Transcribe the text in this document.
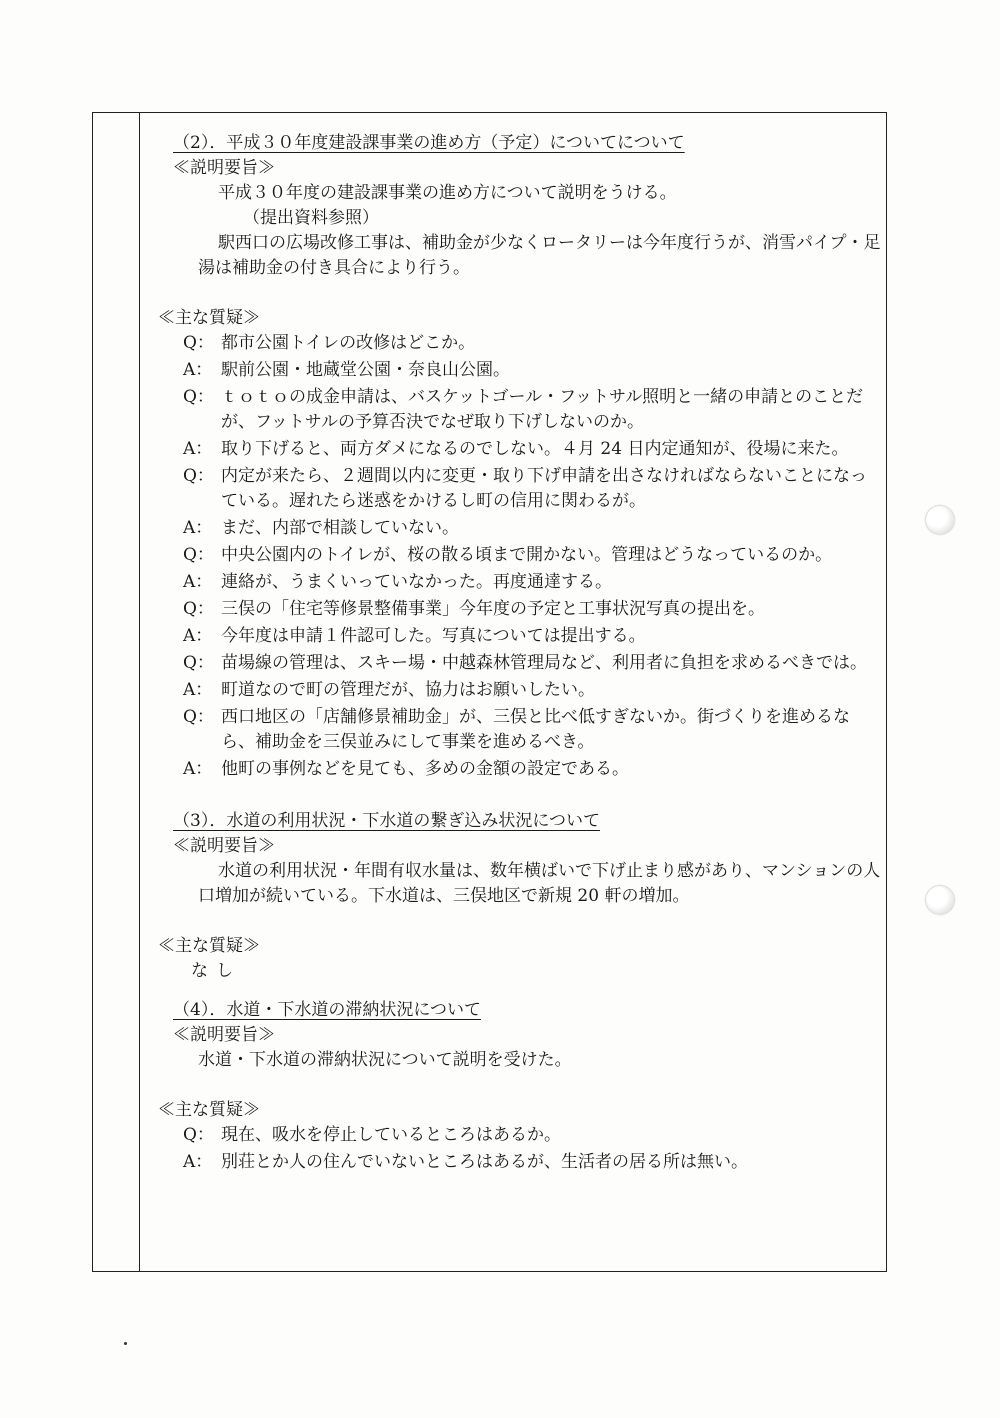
（2）．平成３０年度建設課事業の進め方（予定）についてについて
≪説明要旨≫
平成３０年度の建設課事業の進め方について説明をうける。
（提出資料参照）
駅西口の広場改修工事は、補助金が少なくロータリーは今年度行うが、消雪パイプ・足湯は補助金の付き具合により行う。
≪主な質疑≫
Q： 都市公園トイレの改修はどこか。
A： 駅前公園・地蔵堂公園・奈良山公園。
Q： ｔｏｔｏの成金申請は、バスケットゴール・フットサル照明と一緒の申請とのことだが、フットサルの予算否決でなぜ取り下げしないのか。
A： 取り下げると、両方ダメになるのでしない。４月 24 日内定通知が、役場に来た。
Q： 内定が来たら、２週間以内に変更・取り下げ申請を出さなければならないことになっている。遅れたら迷惑をかけるし町の信用に関わるが。
A： まだ、内部で相談していない。
Q： 中央公園内のトイレが、桜の散る頃まで開かない。管理はどうなっているのか。
A： 連絡が、うまくいっていなかった。再度通達する。
Q： 三俣の「住宅等修景整備事業」今年度の予定と工事状況写真の提出を。
A： 今年度は申請１件認可した。写真については提出する。
Q： 苗場線の管理は、スキー場・中越森林管理局など、利用者に負担を求めるべきでは。
A： 町道なので町の管理だが、協力はお願いしたい。
Q： 西口地区の「店舗修景補助金」が、三俣と比べ低すぎないか。街づくりを進めるなら、補助金を三俣並みにして事業を進めるべき。
A： 他町の事例などを見ても、多めの金額の設定である。
（3）．水道の利用状況・下水道の繋ぎ込み状況について
≪説明要旨≫
水道の利用状況・年間有収水量は、数年横ばいで下げ止まり感があり、マンションの人口増加が続いている。下水道は、三俣地区で新規 20 軒の増加。
≪主な質疑≫
なし
（4）．水道・下水道の滞納状況について
≪説明要旨≫
水道・下水道の滞納状況について説明を受けた。
≪主な質疑≫
Q： 現在、吸水を停止しているところはあるか。
A： 別荘とか人の住んでいないところはあるが、生活者の居る所は無い。
